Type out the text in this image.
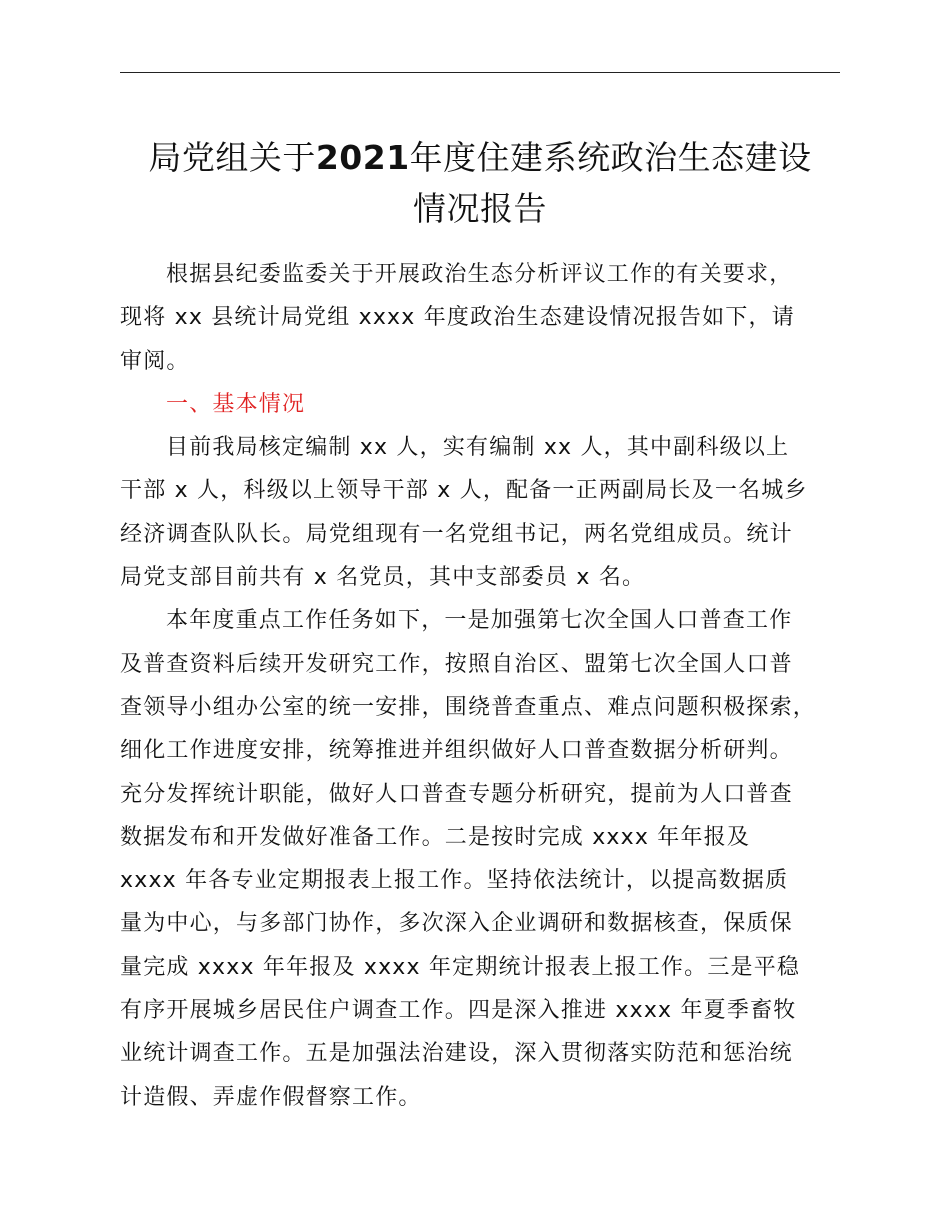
局党组关于2021年度住建系统政治生态建设
情况报告
根据县纪委监委关于开展政治生态分析评议工作的有关要求，
现将 xx 县统计局党组 xxxx 年度政治生态建设情况报告如下，请
审阅。
一、基本情况
目前我局核定编制 xx 人，实有编制 xx 人，其中副科级以上
干部 x 人，科级以上领导干部 x 人，配备一正两副局长及一名城乡
经济调查队队长。局党组现有一名党组书记，两名党组成员。统计
局党支部目前共有 x 名党员，其中支部委员 x 名。
本年度重点工作任务如下，一是加强第七次全国人口普查工作
及普查资料后续开发研究工作，按照自治区、盟第七次全国人口普
查领导小组办公室的统一安排，围绕普查重点、难点问题积极探索，
细化工作进度安排，统筹推进并组织做好人口普查数据分析研判。
充分发挥统计职能，做好人口普查专题分析研究，提前为人口普查
数据发布和开发做好准备工作。二是按时完成 xxxx 年年报及
xxxx 年各专业定期报表上报工作。坚持依法统计，以提高数据质
量为中心，与多部门协作，多次深入企业调研和数据核查，保质保
量完成 xxxx 年年报及 xxxx 年定期统计报表上报工作。三是平稳
有序开展城乡居民住户调查工作。四是深入推进 xxxx 年夏季畜牧
业统计调查工作。五是加强法治建设，深入贯彻落实防范和惩治统
计造假、弄虚作假督察工作。
